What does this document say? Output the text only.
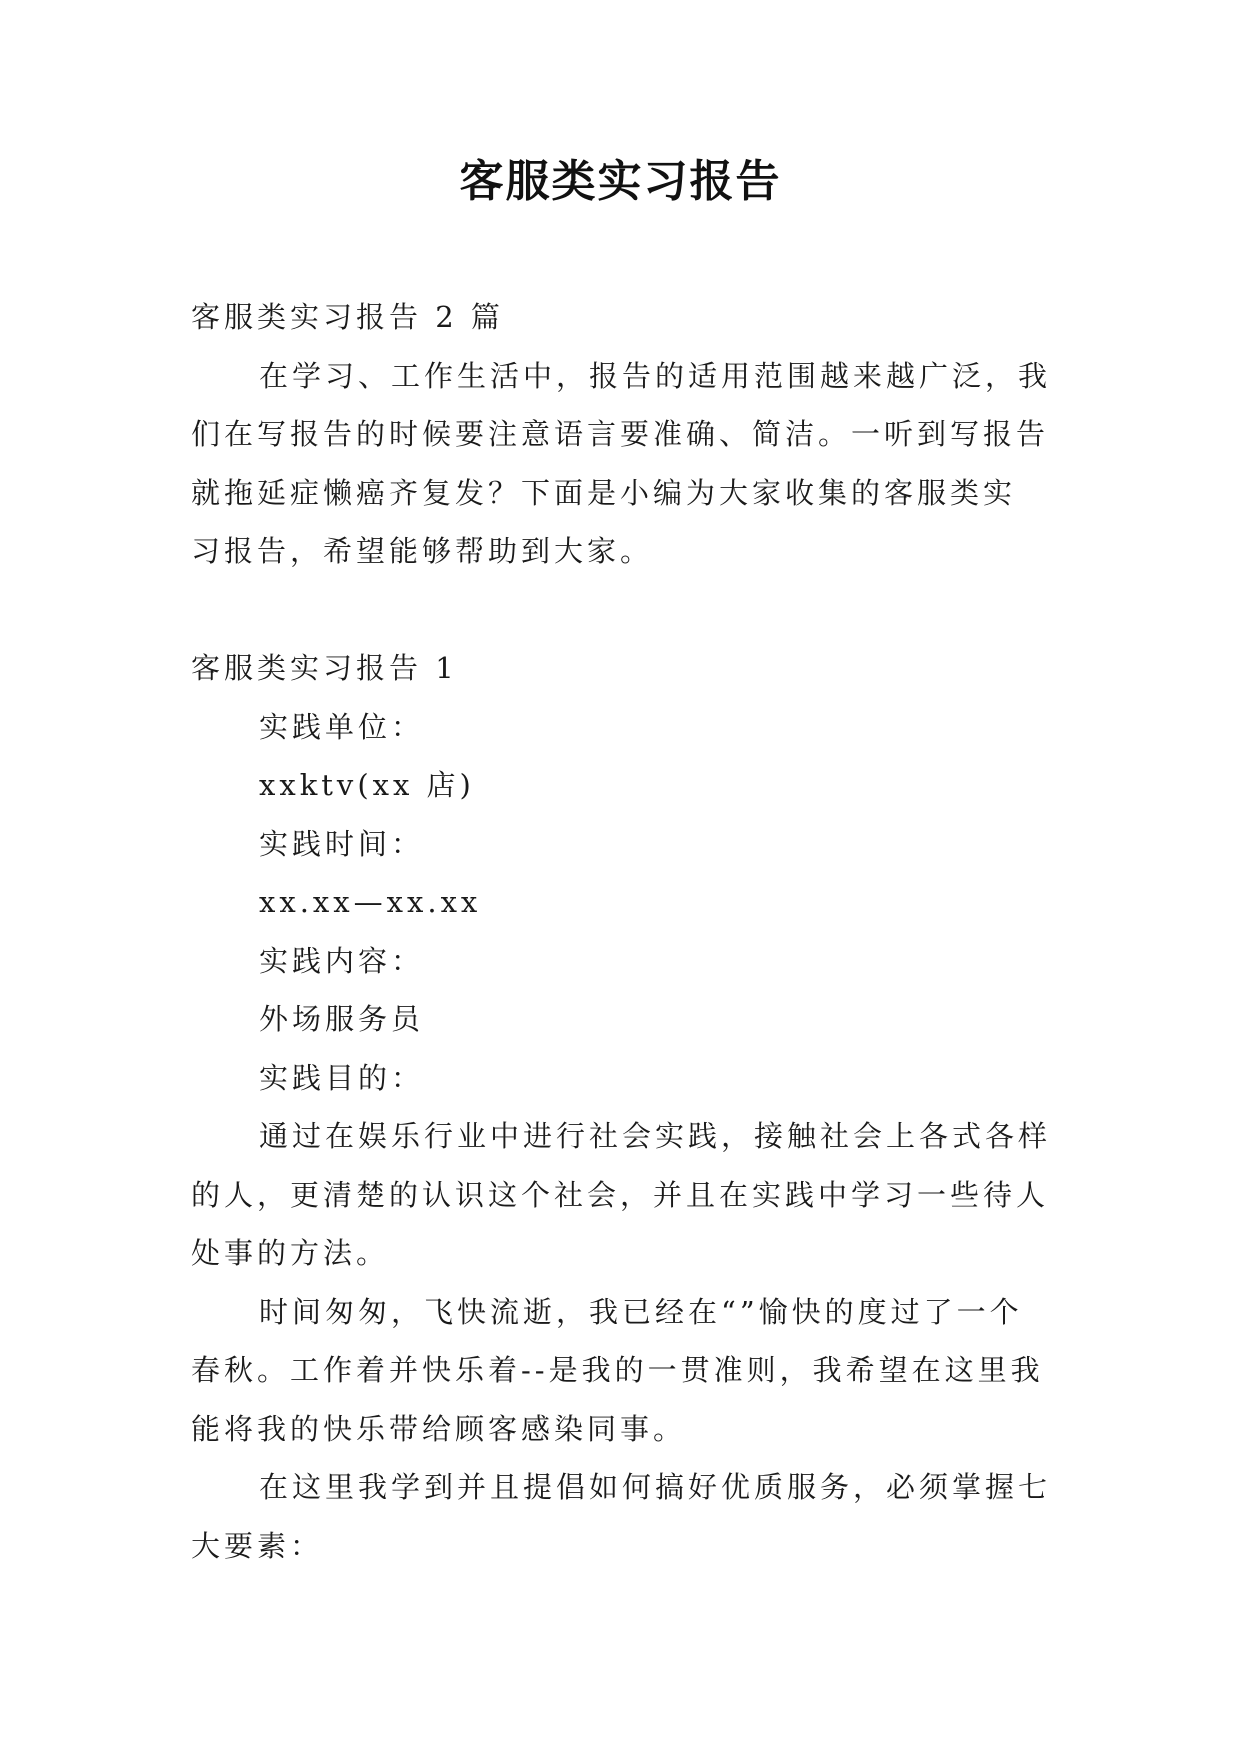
客服类实习报告

客服类实习报告 2 篇

在学习、工作生活中，报告的适用范围越来越广泛，我

们在写报告的时候要注意语言要准确、简洁。一听到写报告

就拖延症懒癌齐复发？下面是小编为大家收集的客服类实

习报告，希望能够帮助到大家。

客服类实习报告 1

实践单位：

xxktv(xx 店)

实践时间：

xx.xx—xx.xx

实践内容：

外场服务员

实践目的：

通过在娱乐行业中进行社会实践，接触社会上各式各样

的人，更清楚的认识这个社会，并且在实践中学习一些待人

处事的方法。

时间匆匆，飞快流逝，我已经在“”愉快的度过了一个

春秋。工作着并快乐着--是我的一贯准则，我希望在这里我

能将我的快乐带给顾客感染同事。

在这里我学到并且提倡如何搞好优质服务，必须掌握七

大要素：
